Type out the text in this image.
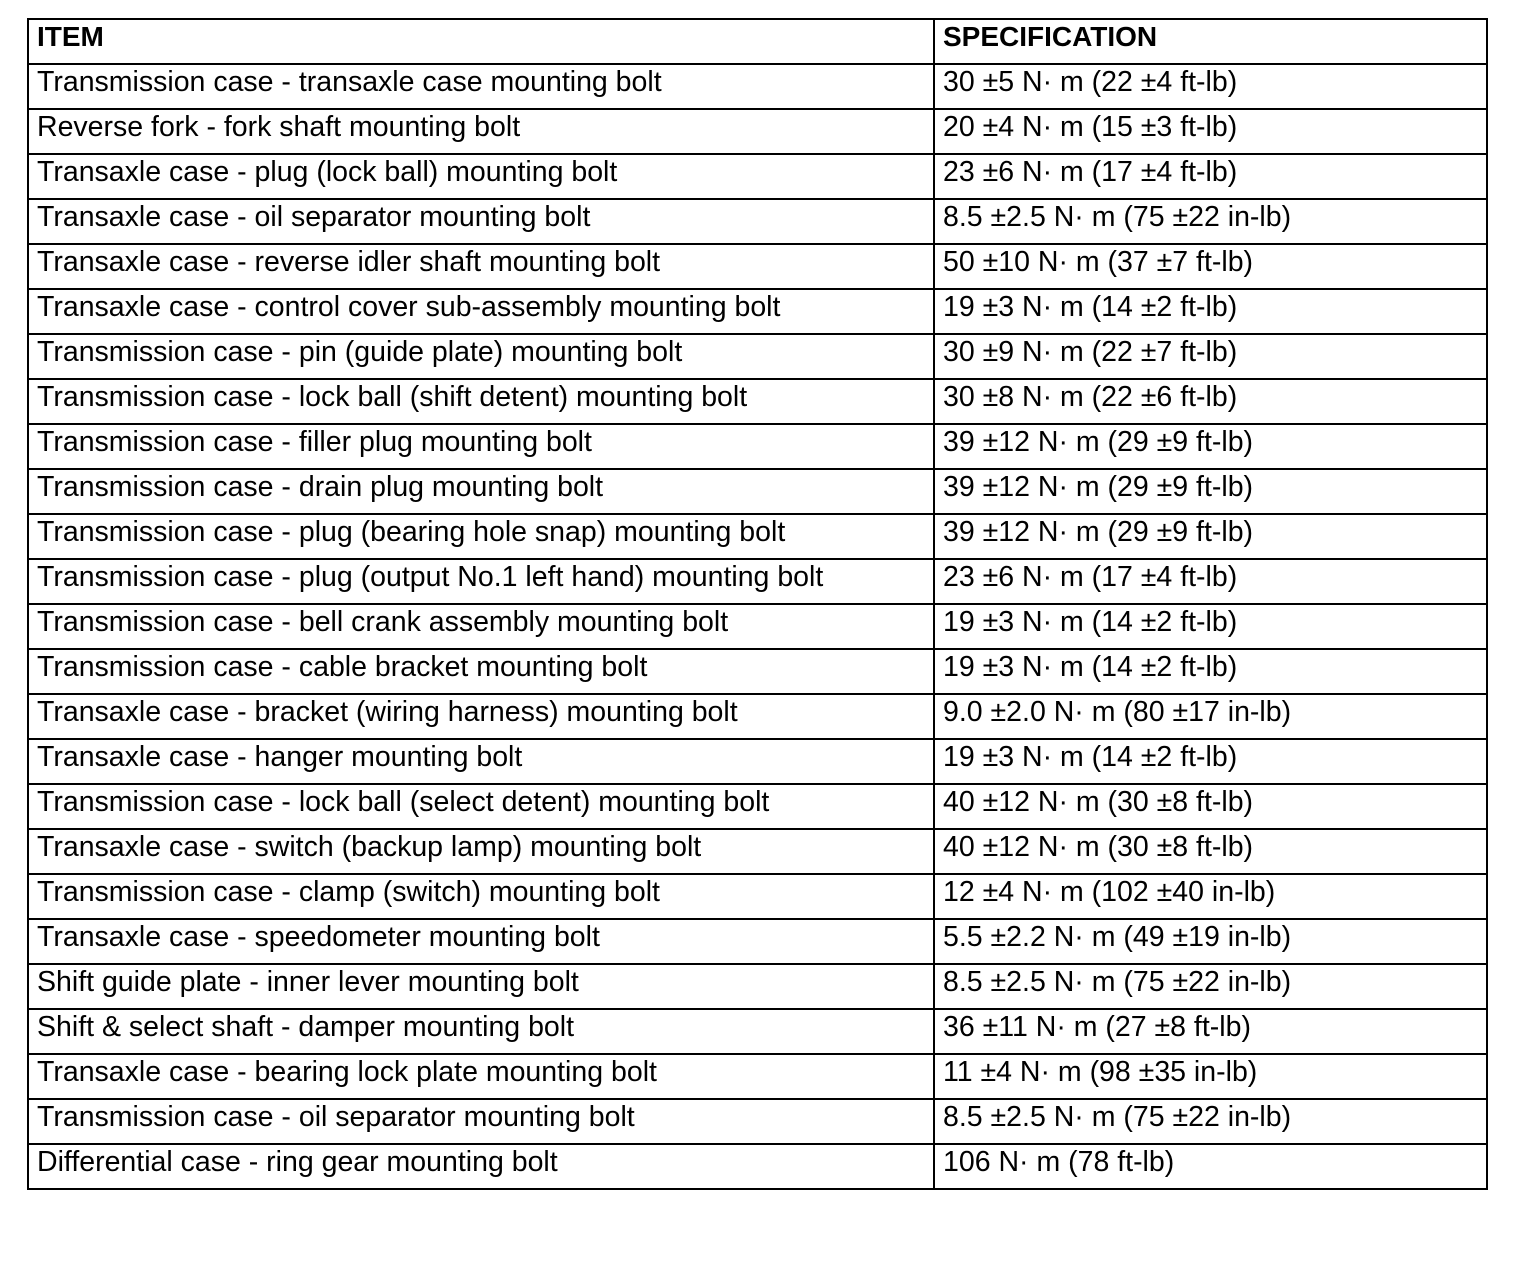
ITEM	SPECIFICATION
Transmission case - transaxle case mounting bolt	30 ±5 N· m (22 ±4 ft-lb)
Reverse fork - fork shaft mounting bolt	20 ±4 N· m (15 ±3 ft-lb)
Transaxle case - plug (lock ball) mounting bolt	23 ±6 N· m (17 ±4 ft-lb)
Transaxle case - oil separator mounting bolt	8.5 ±2.5 N· m (75 ±22 in-lb)
Transaxle case - reverse idler shaft mounting bolt	50 ±10 N· m (37 ±7 ft-lb)
Transaxle case - control cover sub-assembly mounting bolt	19 ±3 N· m (14 ±2 ft-lb)
Transmission case - pin (guide plate) mounting bolt	30 ±9 N· m (22 ±7 ft-lb)
Transmission case - lock ball (shift detent) mounting bolt	30 ±8 N· m (22 ±6 ft-lb)
Transmission case - filler plug mounting bolt	39 ±12 N· m (29 ±9 ft-lb)
Transmission case - drain plug mounting bolt	39 ±12 N· m (29 ±9 ft-lb)
Transmission case - plug (bearing hole snap) mounting bolt	39 ±12 N· m (29 ±9 ft-lb)
Transmission case - plug (output No.1 left hand) mounting bolt	23 ±6 N· m (17 ±4 ft-lb)
Transmission case - bell crank assembly mounting bolt	19 ±3 N· m (14 ±2 ft-lb)
Transmission case - cable bracket mounting bolt	19 ±3 N· m (14 ±2 ft-lb)
Transaxle case - bracket (wiring harness) mounting bolt	9.0 ±2.0 N· m (80 ±17 in-lb)
Transaxle case - hanger mounting bolt	19 ±3 N· m (14 ±2 ft-lb)
Transmission case - lock ball (select detent) mounting bolt	40 ±12 N· m (30 ±8 ft-lb)
Transaxle case - switch (backup lamp) mounting bolt	40 ±12 N· m (30 ±8 ft-lb)
Transmission case - clamp (switch) mounting bolt	12 ±4 N· m (102 ±40 in-lb)
Transaxle case - speedometer mounting bolt	5.5 ±2.2 N· m (49 ±19 in-lb)
Shift guide plate - inner lever mounting bolt	8.5 ±2.5 N· m (75 ±22 in-lb)
Shift & select shaft - damper mounting bolt	36 ±11 N· m (27 ±8 ft-lb)
Transaxle case - bearing lock plate mounting bolt	11 ±4 N· m (98 ±35 in-lb)
Transmission case - oil separator mounting bolt	8.5 ±2.5 N· m (75 ±22 in-lb)
Differential case - ring gear mounting bolt	106 N· m (78 ft-lb)
